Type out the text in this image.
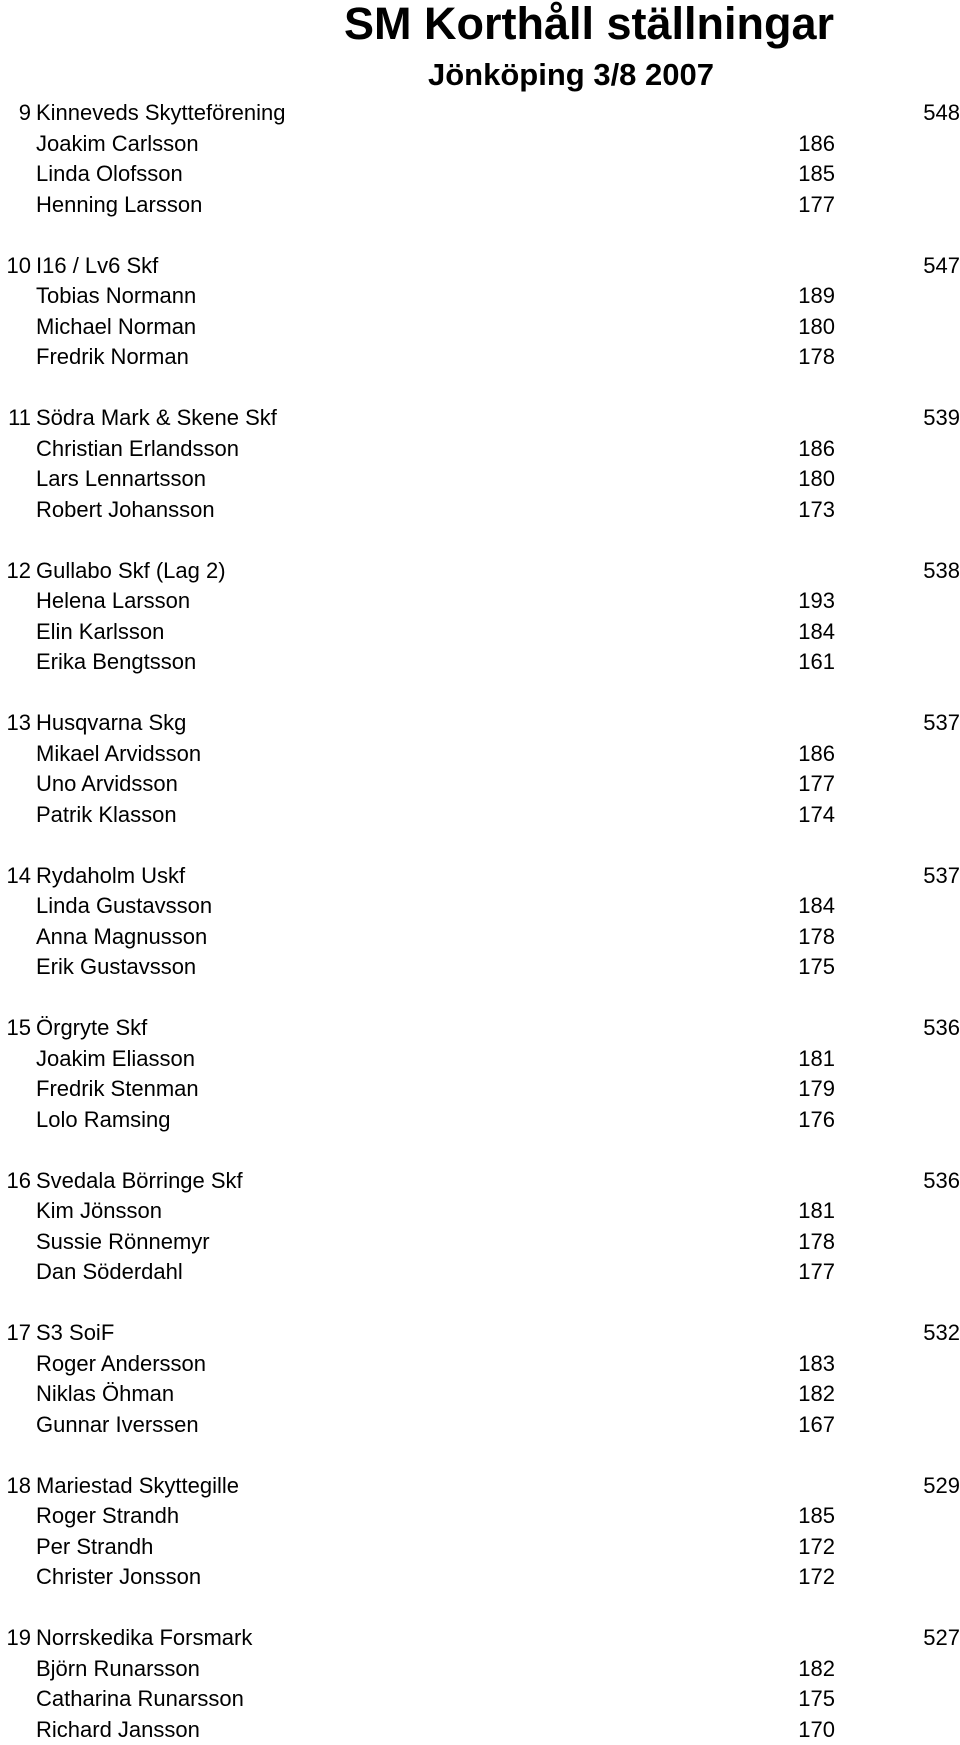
SM Korthåll ställningar
Jönköping 3/8 2007
9 Kinneveds Skytteförening	548
Joakim Carlsson	186
Linda Olofsson	185
Henning Larsson	177
10 I16 / Lv6 Skf	547
Tobias Normann	189
Michael Norman	180
Fredrik Norman	178
11 Södra Mark & Skene Skf	539
Christian Erlandsson	186
Lars Lennartsson	180
Robert Johansson	173
12 Gullabo Skf (Lag 2)	538
Helena Larsson	193
Elin Karlsson	184
Erika Bengtsson	161
13 Husqvarna Skg	537
Mikael Arvidsson	186
Uno Arvidsson	177
Patrik Klasson	174
14 Rydaholm Uskf	537
Linda Gustavsson	184
Anna Magnusson	178
Erik Gustavsson	175
15 Örgryte Skf	536
Joakim Eliasson	181
Fredrik Stenman	179
Lolo Ramsing	176
16 Svedala Börringe Skf	536
Kim Jönsson	181
Sussie Rönnemyr	178
Dan Söderdahl	177
17 S3 SoiF	532
Roger Andersson	183
Niklas Öhman	182
Gunnar Iverssen	167
18 Mariestad Skyttegille	529
Roger Strandh	185
Per Strandh	172
Christer Jonsson	172
19 Norrskedika Forsmark	527
Björn Runarsson	182
Catharina Runarsson	175
Richard Jansson	170
